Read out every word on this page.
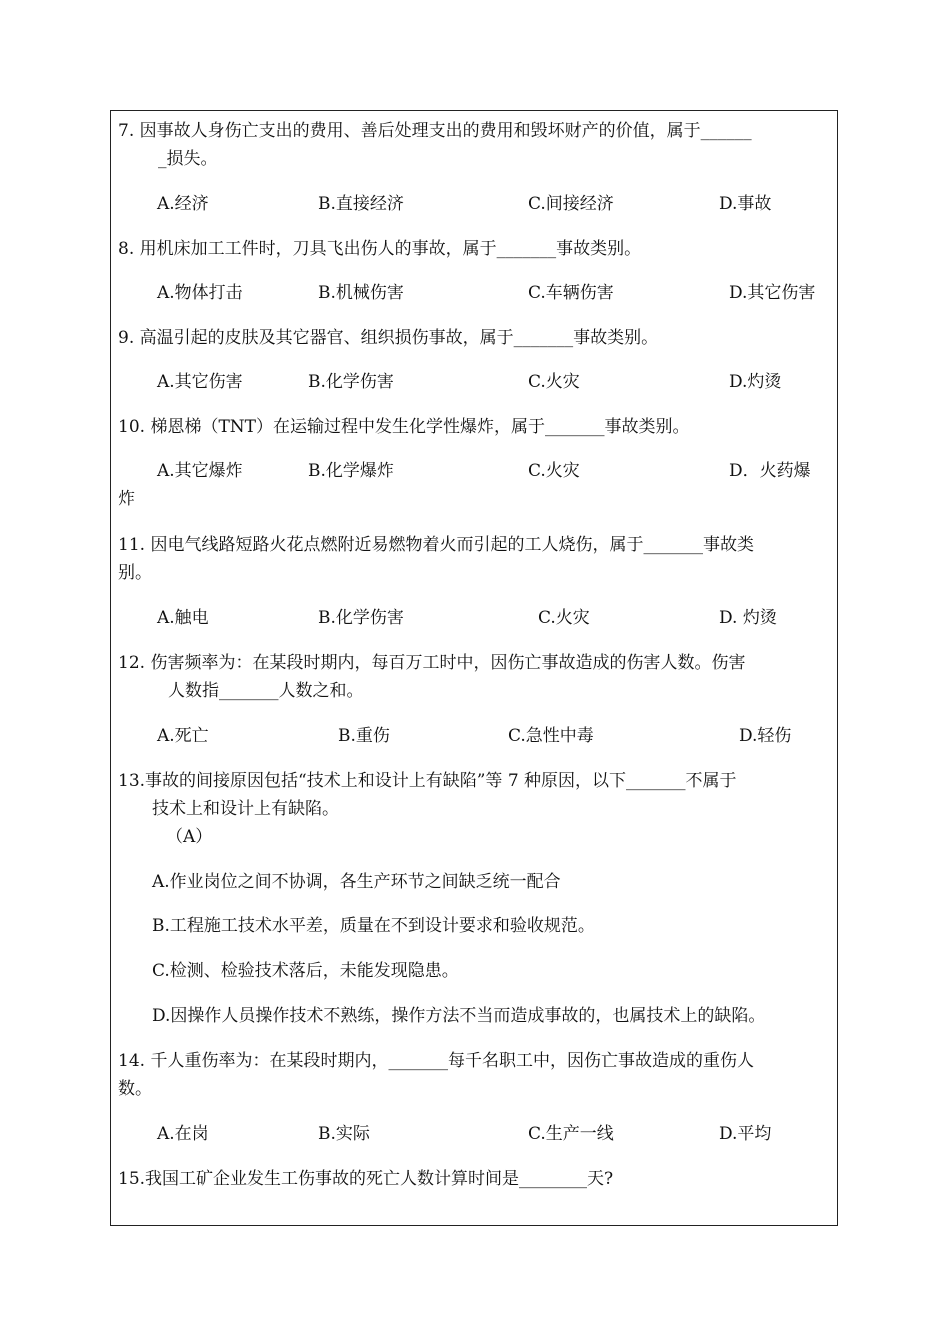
7. 因事故人身伤亡支出的费用、善后处理支出的费用和毁坏财产的价值，属于______
_损失。
A.经济	B.直接经济	C.间接经济	D.事故
8. 用机床加工工件时，刀具飞出伤人的事故，属于_______事故类别。
A.物体打击	B.机械伤害	C.车辆伤害	D.其它伤害
9. 高温引起的皮肤及其它器官、组织损伤事故，属于_______事故类别。
A.其它伤害	B.化学伤害	C.火灾	D.灼烫
10. 梯恩梯（TNT）在运输过程中发生化学性爆炸，属于_______事故类别。
A.其它爆炸	B.化学爆炸	C.火灾	D．火药爆
炸
11. 因电气线路短路火花点燃附近易燃物着火而引起的工人烧伤，属于_______事故类
别。
A.触电	B.化学伤害	C.火灾	D. 灼烫
12. 伤害频率为：在某段时期内，每百万工时中，因伤亡事故造成的伤害人数。伤害
人数指_______人数之和。
A.死亡	B.重伤	C.急性中毒	D.轻伤
13.事故的间接原因包括“技术上和设计上有缺陷”等 7 种原因，以下_______不属于
技术上和设计上有缺陷。
（A）
A.作业岗位之间不协调，各生产环节之间缺乏统一配合
B.工程施工技术水平差，质量在不到设计要求和验收规范。
C.检测、检验技术落后，未能发现隐患。
D.因操作人员操作技术不熟练，操作方法不当而造成事故的，也属技术上的缺陷。
14. 千人重伤率为：在某段时期内，_______每千名职工中，因伤亡事故造成的重伤人
数。
A.在岗	B.实际	C.生产一线	D.平均
15.我国工矿企业发生工伤事故的死亡人数计算时间是________天?
